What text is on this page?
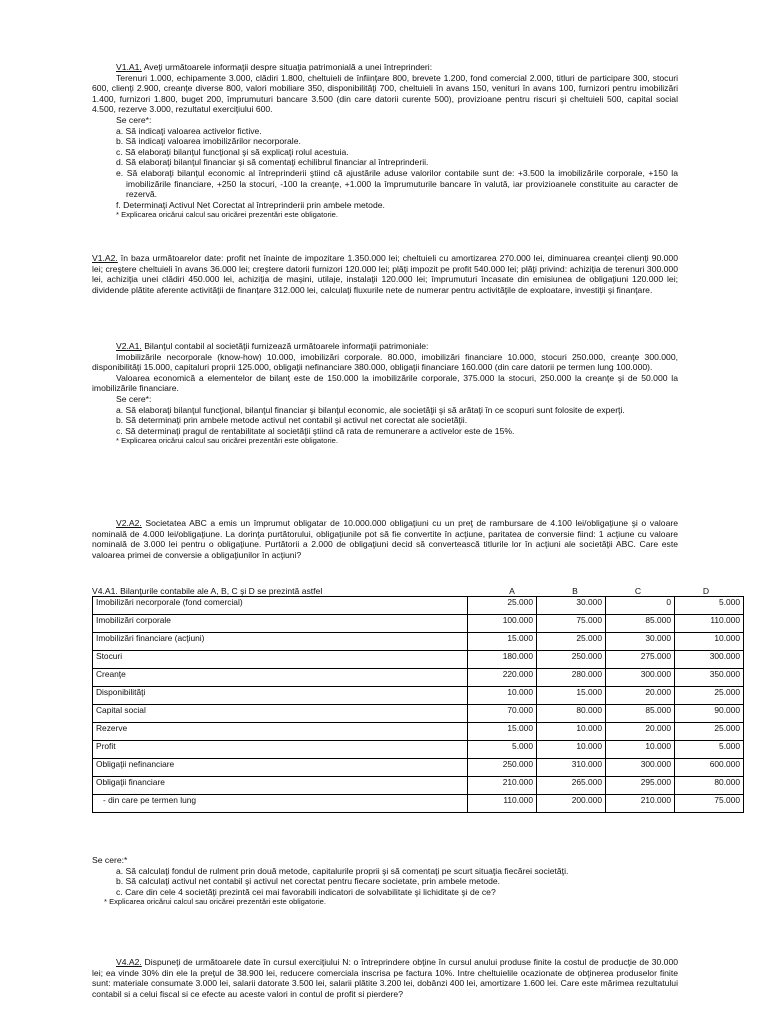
V1.A1. Aveţi următoarele informaţii despre situaţia patrimonială a unei întreprinderi:

Terenuri 1.000, echipamente 3.000, clădiri 1.800, cheltuieli de înfiinţare 800, brevete 1.200, fond comercial 2.000, titluri de participare 300, stocuri 600, clienţi 2.900, creanţe diverse 800, valori mobiliare 350, disponibilităţi 700, cheltuieli în avans 150, venituri în avans 100, furnizori pentru imobilizări 1.400, furnizori 1.800, buget 200, împrumuturi bancare 3.500 (din care datorii curente 500), provizioane pentru riscuri şi cheltuieli 500, capital social 4.500, rezerve 3.000, rezultatul exerciţiului 600.

Se cere*:

a. Să indicaţi valoarea activelor fictive.
b. Să indicaţi valoarea imobilizărilor necorporale.
c. Să elaboraţi bilanţul funcţional şi să explicaţi rolul acestuia.
d. Să elaboraţi bilanţul financiar şi să comentaţi echilibrul financiar al întreprinderii.
e. Să elaboraţi bilanţul economic al întreprinderii ştiind că ajustările aduse valorilor contabile sunt de: +3.500 la imobilizările corporale, +150 la imobilizările financiare, +250 la stocuri, -100 la creanţe, +1.000 la împrumuturile bancare în valută, iar provizioanele constituite au caracter de rezervă.
f. Determinaţi Activul Net Corectat al întreprinderii prin ambele metode.

* Explicarea oricărui calcul sau oricărei prezentări este obligatorie.

V1.A2. în baza următoarelor date: profit net înainte de impozitare 1.350.000 lei; cheltuieli cu amortizarea 270.000 lei, diminuarea creanţei clienţi 90.000 lei; creştere cheltuieli în avans 36.000 lei; creştere datorii furnizori 120.000 lei; plăţi impozit pe profit 540.000 lei; plăţi privind: achiziţia de terenuri 300.000 lei, achiziţia unei clădiri 450.000 lei, achiziţia de maşini, utilaje, instalaţii 120.000 lei; împrumuturi încasate din emisiunea de obligaţiuni 120.000 lei; dividende plătite aferente activităţii de finanţare 312.000 lei, calculaţi fluxurile nete de numerar pentru activităţile de exploatare, investiţii şi finanţare.

V2.A1. Bilanţul contabil al societăţii furnizează următoarele informaţii patrimoniale:

Imobilizările necorporale (know-how) 10.000, imobilizări corporale. 80.000, imobilizări financiare 10.000, stocuri 250.000, creanţe 300.000, disponibilităţi 15.000, capitaluri proprii 125.000, obligaţii nefinanciare 380.000, obligaţii financiare 160.000 (din care datorii pe termen lung 100.000).

Valoarea economică a elementelor de bilanţ este de 150.000 la imobilizările corporale, 375.000 la stocuri, 250.000 la creanţe şi de 50.000 la imobilizările financiare.

Se cere*:

a. Să elaboraţi bilanţul funcţional, bilanţul financiar şi bilanţul economic, ale societăţii şi să arătaţi în ce scopuri sunt folosite de experţi.
b. Să determinaţi prin ambele metode activul net contabil şi activul net corectat ale societăţii.
c. Să determinaţi pragul de rentabilitate al societăţii ştiind că rata de remunerare a activelor este de 15%.

* Explicarea oricărui calcul sau oricărei prezentări este obligatorie.

V2.A2. Societatea ABC a emis un împrumut obligatar de 10.000.000 obligaţiuni cu un preţ de rambursare de 4.100 lei/obligaţiune şi o valoare nominală de 4.000 lei/obligaţiune. La dorinţa purtătorului, obligaţiunile pot să fie convertite în acţiune, paritatea de conversie fiind: 1 acţiune cu valoare nominală de 3.000 lei pentru o obligaţiune. Purtătorii a 2.000 de obligaţiuni decid să convertească titlurile lor în acţiuni ale societăţii ABC. Care este valoarea primei de conversie a obligaţiunilor în acţiuni?

V4.A1. Bilanţurile contabile ale A, B, C şi D se prezintă astfel	A	B	C	D
Imobilizări necorporale (fond comercial)	25.000	30.000	0	5.000
Imobilizări corporale	100.000	75.000	85.000	110.000
Imobilizări financiare (acţiuni)	15.000	25.000	30.000	10.000
Stocuri	180.000	250.000	275.000	300.000
Creanţe	220.000	280.000	300.000	350.000
Disponibilităţi	10.000	15.000	20.000	25.000
Capital social	70.000	80.000	85.000	90.000
Rezerve	15.000	10.000	20.000	25.000
Profit	5.000	10.000	10.000	5.000
Obligaţii nefinanciare	250.000	310.000	300.000	600.000
Obligaţii financiare	210.000	265.000	295.000	80.000
- din care pe termen lung	110.000	200.000	210.000	75.000

Se cere:*

a. Să calculaţi fondul de rulment prin două metode, capitalurile proprii şi să comentaţi pe scurt situaţia fiecărei societăţi.
b. Să calculaţi activul net contabil şi activul net corectat pentru fiecare societate, prin ambele metode.
c. Care din cele 4 societăţi prezintă cei mai favorabili indicatori de solvabilitate şi lichiditate şi de ce?

* Explicarea oricărui calcul sau oricărei prezentări este obligatorie.

V4.A2. Dispuneţi de următoarele date în cursul exerciţiului N: o întreprindere obţine în cursul anului produse finite la costul de producţie de 30.000 lei; ea vinde 30% din ele la preţul de 38.900 lei, reducere comerciala inscrisa pe factura 10%. Intre cheltuielile ocazionate de obţinerea produselor finite sunt: materiale consumate 3.000 lei, salarii datorate 3.500 lei, salarii plătite 3.200 lei, dobânzi 400 lei, amortizare 1.600 lei. Care este mărimea rezultatului contabil si a celui fiscal si ce efecte au aceste valori in contul de profit si pierdere?
